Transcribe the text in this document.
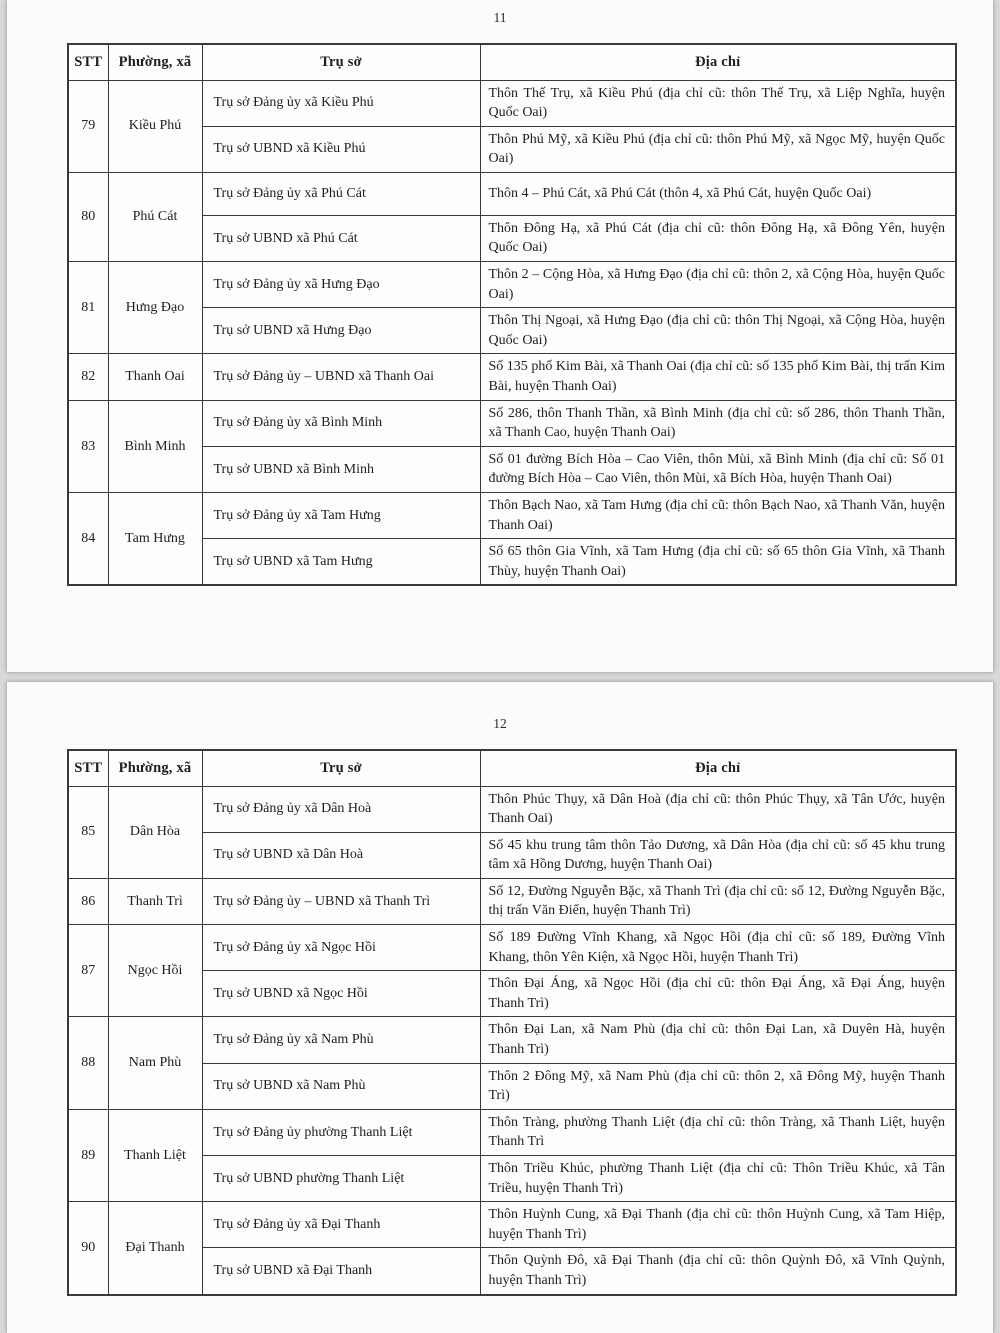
11
STT	Phường, xã	Trụ sở	Địa chỉ
79	Kiều Phú	Trụ sở Đảng ủy xã Kiều Phú	Thôn Thế Trụ, xã Kiều Phú (địa chỉ cũ: thôn Thế Trụ, xã Liệp Nghĩa, huyện Quốc Oai)
		Trụ sở UBND xã Kiều Phú	Thôn Phú Mỹ, xã Kiều Phú (địa chỉ cũ: thôn Phú Mỹ, xã Ngọc Mỹ, huyện Quốc Oai)
80	Phú Cát	Trụ sở Đảng ủy xã Phú Cát	Thôn 4 – Phú Cát, xã Phú Cát (thôn 4, xã Phú Cát, huyện Quốc Oai)
		Trụ sở UBND xã Phú Cát	Thôn Đông Hạ, xã Phú Cát (địa chỉ cũ: thôn Đông Hạ, xã Đông Yên, huyện Quốc Oai)
81	Hưng Đạo	Trụ sở Đảng ủy xã Hưng Đạo	Thôn 2 – Cộng Hòa, xã Hưng Đạo (địa chỉ cũ: thôn 2, xã Cộng Hòa, huyện Quốc Oai)
		Trụ sở UBND xã Hưng Đạo	Thôn Thị Ngoại, xã Hưng Đạo (địa chỉ cũ: thôn Thị Ngoại, xã Cộng Hòa, huyện Quốc Oai)
82	Thanh Oai	Trụ sở Đảng ủy – UBND xã Thanh Oai	Số 135 phố Kim Bài, xã Thanh Oai (địa chỉ cũ: số 135 phố Kim Bài, thị trấn Kim Bài, huyện Thanh Oai)
83	Bình Minh	Trụ sở Đảng ủy xã Bình Minh	Số 286, thôn Thanh Thần, xã Bình Minh (địa chỉ cũ: số 286, thôn Thanh Thần, xã Thanh Cao, huyện Thanh Oai)
		Trụ sở UBND xã Bình Minh	Số 01 đường Bích Hòa – Cao Viên, thôn Mùi, xã Bình Minh (địa chỉ cũ: Số 01 đường Bích Hòa – Cao Viên, thôn Mùi, xã Bích Hòa, huyện Thanh Oai)
84	Tam Hưng	Trụ sở Đảng ủy xã Tam Hưng	Thôn Bạch Nao, xã Tam Hưng (địa chỉ cũ: thôn Bạch Nao, xã Thanh Văn, huyện Thanh Oai)
		Trụ sở UBND xã Tam Hưng	Số 65 thôn Gia Vĩnh, xã Tam Hưng (địa chỉ cũ: số 65 thôn Gia Vĩnh, xã Thanh Thùy, huyện Thanh Oai)
12
STT	Phường, xã	Trụ sở	Địa chỉ
85	Dân Hòa	Trụ sở Đảng ủy xã Dân Hoà	Thôn Phúc Thụy, xã Dân Hoà (địa chỉ cũ: thôn Phúc Thụy, xã Tân Ước, huyện Thanh Oai)
		Trụ sở UBND xã Dân Hoà	Số 45 khu trung tâm thôn Tảo Dương, xã Dân Hòa (địa chỉ cũ: số 45 khu trung tâm xã Hồng Dương, huyện Thanh Oai)
86	Thanh Trì	Trụ sở Đảng ủy – UBND xã Thanh Trì	Số 12, Đường Nguyễn Bặc, xã Thanh Trì (địa chỉ cũ: số 12, Đường Nguyễn Bặc, thị trấn Văn Điển, huyện Thanh Trì)
87	Ngọc Hồi	Trụ sở Đảng ủy xã Ngọc Hồi	Số 189 Đường Vĩnh Khang, xã Ngọc Hồi (địa chỉ cũ: số 189, Đường Vĩnh Khang, thôn Yên Kiện, xã Ngọc Hồi, huyện Thanh Trì)
		Trụ sở UBND xã Ngọc Hồi	Thôn Đại Áng, xã Ngọc Hồi (địa chỉ cũ: thôn Đại Áng, xã Đại Áng, huyện Thanh Trì)
88	Nam Phù	Trụ sở Đảng ủy xã Nam Phù	Thôn Đại Lan, xã Nam Phù (địa chỉ cũ: thôn Đại Lan, xã Duyên Hà, huyện Thanh Trì)
		Trụ sở UBND xã Nam Phù	Thôn 2 Đông Mỹ, xã Nam Phù (địa chỉ cũ: thôn 2, xã Đông Mỹ, huyện Thanh Trì)
89	Thanh Liệt	Trụ sở Đảng ủy phường Thanh Liệt	Thôn Tràng, phường Thanh Liệt (địa chỉ cũ: thôn Tràng, xã Thanh Liệt, huyện Thanh Trì
		Trụ sở UBND phường Thanh Liệt	Thôn Triều Khúc, phường Thanh Liệt (địa chỉ cũ: Thôn Triều Khúc, xã Tân Triều, huyện Thanh Trì)
90	Đại Thanh	Trụ sở Đảng ủy xã Đại Thanh	Thôn Huỳnh Cung, xã Đại Thanh (địa chỉ cũ: thôn Huỳnh Cung, xã Tam Hiệp, huyện Thanh Trì)
		Trụ sở UBND xã Đại Thanh	Thôn Quỳnh Đô, xã Đại Thanh (địa chỉ cũ: thôn Quỳnh Đô, xã Vĩnh Quỳnh, huyện Thanh Trì)
